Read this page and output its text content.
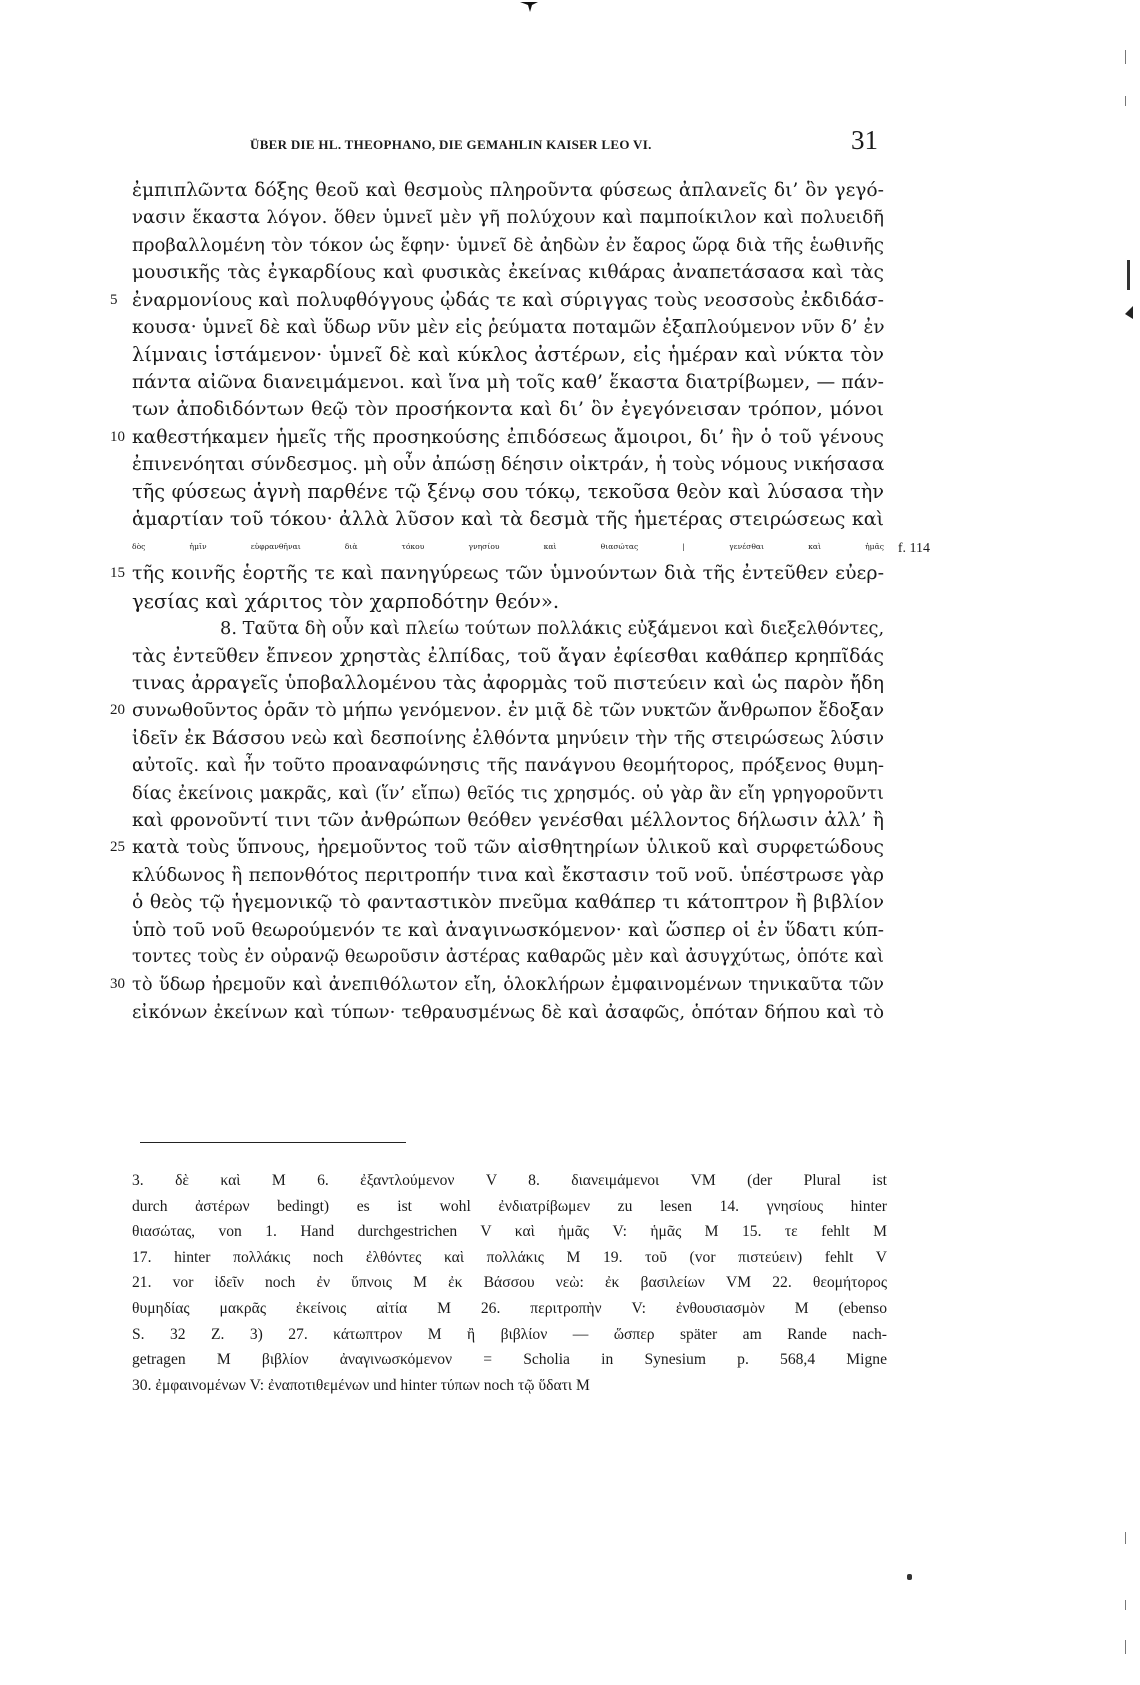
ÜBER DIE HL. THEOPHANO, DIE GEMAHLIN KAISER LEO VI.	31
ἐμπιπλῶντα δόξης θεοῦ καὶ θεσμοὺς πληροῦντα φύσεως ἀπλανεῖς δι’ ὃν γεγό-
νασιν ἕκαστα λόγον. ὅθεν ὑμνεῖ μὲν γῆ πολύχουν καὶ παμποίκιλον καὶ πολυειδῆ
προβαλλομένη τὸν τόκον ὡς ἔφην· ὑμνεῖ δὲ ἀηδὼν ἐν ἔαρος ὥρᾳ διὰ τῆς ἑωθινῆς
μουσικῆς τὰς ἐγκαρδίους καὶ φυσικὰς ἐκείνας κιθάρας ἀναπετάσασα καὶ τὰς
5 ἐναρμονίους καὶ πολυφθόγγους ᾠδάς τε καὶ σύριγγας τοὺς νεοσσοὺς ἐκδιδάσ-
κουσα· ὑμνεῖ δὲ καὶ ὕδωρ νῦν μὲν εἰς ῥεύματα ποταμῶν ἐξαπλούμενον νῦν δ’ ἐν
λίμναις ἱστάμενον· ὑμνεῖ δὲ καὶ κύκλος ἀστέρων, εἰς ἡμέραν καὶ νύκτα τὸν
πάντα αἰῶνα διανειμάμενοι. καὶ ἵνα μὴ τοῖς καθ’ ἕκαστα διατρίβωμεν, — πάν-
των ἀποδιδόντων θεῷ τὸν προσήκοντα καὶ δι’ ὃν ἐγεγόνεισαν τρόπον, μόνοι
10 καθεστήκαμεν ἡμεῖς τῆς προσηκούσης ἐπιδόσεως ἄμοιροι, δι’ ἣν ὁ τοῦ γένους
ἐπινενόηται σύνδεσμος. μὴ οὖν ἀπώσῃ δέησιν οἰκτράν, ἡ τοὺς νόμους νικήσασα
τῆς φύσεως ἁγνὴ παρθένε τῷ ξένῳ σου τόκῳ, τεκοῦσα θεὸν καὶ λύσασα τὴν
ἁμαρτίαν τοῦ τόκου· ἀλλὰ λῦσον καὶ τὰ δεσμὰ τῆς ἡμετέρας στειρώσεως καὶ
δὸς ἡμῖν εὐφρανθῆναι διὰ τόκου γνησίου καὶ θιασώτας | γενέσθαι καὶ ἡμᾶς f. 114
15 τῆς κοινῆς ἑορτῆς τε καὶ πανηγύρεως τῶν ὑμνούντων διὰ τῆς ἐντεῦθεν εὐερ-
γεσίας καὶ χάριτος τὸν χαρποδότην θεόν».
8. Ταῦτα δὴ οὖν καὶ πλείω τούτων πολλάκις εὐξάμενοι καὶ διεξελθόντες,
τὰς ἐντεῦθεν ἔπνεον χρηστὰς ἐλπίδας, τοῦ ἄγαν ἐφίεσθαι καθάπερ κρηπῖδάς
τινας ἀρραγεῖς ὑποβαλλομένου τὰς ἀφορμὰς τοῦ πιστεύειν καὶ ὡς παρὸν ἤδη
20 συνωθοῦντος ὁρᾶν τὸ μήπω γενόμενον. ἐν μιᾷ δὲ τῶν νυκτῶν ἄνθρωπον ἔδοξαν
ἰδεῖν ἐκ Βάσσου νεὼ καὶ δεσποίνης ἐλθόντα μηνύειν τὴν τῆς στειρώσεως λύσιν
αὐτοῖς. καὶ ἦν τοῦτο προαναφώνησις τῆς πανάγνου θεομήτορος, πρόξενος θυμη-
δίας ἐκείνοις μακρᾶς, καὶ (ἵν’ εἴπω) θεῖός τις χρησμός. οὐ γὰρ ἂν εἴη γρηγοροῦντι
καὶ φρονοῦντί τινι τῶν ἀνθρώπων θεόθεν γενέσθαι μέλλοντος δήλωσιν ἀλλ’ ἢ
25 κατὰ τοὺς ὕπνους, ἠρεμοῦντος τοῦ τῶν αἰσθητηρίων ὑλικοῦ καὶ συρφετώδους
κλύδωνος ἢ πεπονθότος περιτροπήν τινα καὶ ἔκστασιν τοῦ νοῦ. ὑπέστρωσε γὰρ
ὁ θεὸς τῷ ἡγεμονικῷ τὸ φανταστικὸν πνεῦμα καθάπερ τι κάτοπτρον ἢ βιβλίον
ὑπὸ τοῦ νοῦ θεωρούμενόν τε καὶ ἀναγινωσκόμενον· καὶ ὥσπερ οἱ ἐν ὕδατι κύπ-
τοντες τοὺς ἐν οὐρανῷ θεωροῦσιν ἀστέρας καθαρῶς μὲν καὶ ἀσυγχύτως, ὁπότε καὶ
30 τὸ ὕδωρ ἠρεμοῦν καὶ ἀνεπιθόλωτον εἴη, ὁλοκλήρων ἐμφαινομένων τηνικαῦτα τῶν
εἰκόνων ἐκείνων καὶ τύπων· τεθραυσμένως δὲ καὶ ἀσαφῶς, ὁπόταν δήπου καὶ τὸ
3. δὲ καὶ M 6. ἐξαντλούμενον V 8. διανειμάμενοι VM (der Plural ist
durch ἀστέρων bedingt) es ist wohl ἐνδιατρίβωμεν zu lesen 14. γνησίους hinter
θιασώτας, von 1. Hand durchgestrichen V καὶ ἡμᾶς V: ἡμᾶς M 15. τε fehlt M
17. hinter πολλάκις noch ἐλθόντες καὶ πολλάκις M 19. τοῦ (vor πιστεύειν) fehlt V
21. vor ἰδεῖν noch ἐν ὕπνοις M ἐκ Βάσσου νεὼ: ἐκ βασιλείων VM 22. θεομήτορος
θυμηδίας μακρᾶς ἐκείνοις αἰτία M 26. περιτροπὴν V: ἐνθουσιασμὸν M (ebenso
S. 32 Z. 3) 27. κάτωπτρον M ἢ βιβλίον — ὥσπερ später am Rande nach-
getragen M βιβλίον ἀναγινωσκόμενον = Scholia in Synesium p. 568,4 Migne
30. ἐμφαινομένων V: ἐναποτιθεμένων und hinter τύπων noch τῷ ὕδατι M
